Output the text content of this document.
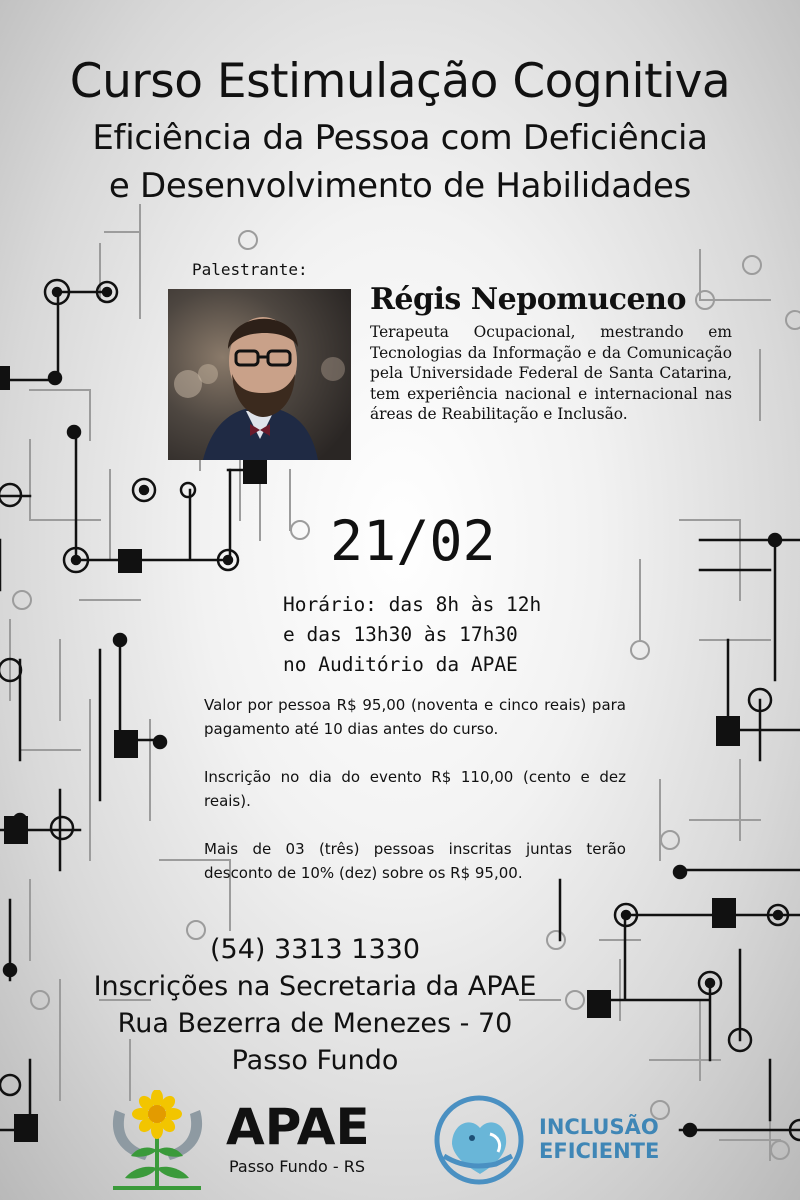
Curso Estimulação Cognitiva
Eficiência da Pessoa com Deficiência
e Desenvolvimento de Habilidades
Palestrante:
Régis Nepomuceno
Terapeuta Ocupacional, mestrando em Tecnologias da Informação e da Comunicação pela Universidade Federal de Santa Catarina, tem experiência nacional e internacional nas áreas de Reabilitação e Inclusão.
21/02
Horário: das 8h às 12h
e das 13h30 às 17h30
no Auditório da APAE

Valor por pessoa R$ 95,00 (noventa e cinco reais) para pagamento até 10 dias antes do curso.

Inscrição no dia do evento R$ 110,00 (cento e dez reais).

Mais de 03 (três) pessoas inscritas juntas terão desconto de 10% (dez) sobre os R$ 95,00.

(54) 3313 1330
Inscrições na Secretaria da APAE
Rua Bezerra de Menezes - 70
Passo Fundo
APAE
Passo Fundo - RS
INCLUSÃO
EFICIENTE
